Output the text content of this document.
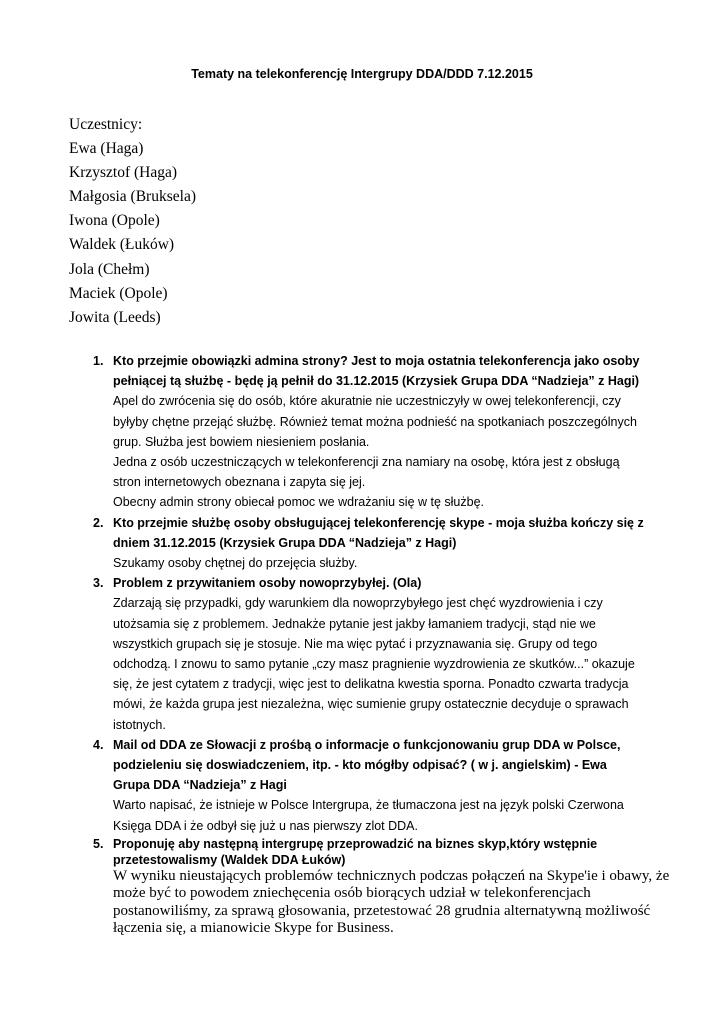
Tematy na telekonferencję Intergrupy DDA/DDD 7.12.2015
Uczestnicy:
Ewa (Haga)
Krzysztof (Haga)
Małgosia (Bruksela)
Iwona (Opole)
Waldek (Łuków)
Jola (Chełm)
Maciek (Opole)
Jowita (Leeds)
1. Kto przejmie obowiązki admina strony? Jest to moja ostatnia telekonferencja jako osoby
pełniącej tą służbę - będę ją pełnił do 31.12.2015 (Krzysiek Grupa DDA “Nadzieja” z Hagi)
Apel do zwrócenia się do osób, które akuratnie nie uczestniczyły w owej telekonferencji, czy
byłyby chętne przejąć służbę. Również temat można podnieść na spotkaniach poszczególnych
grup. Służba jest bowiem niesieniem posłania.
Jedna z osób uczestniczących w telekonferencji zna namiary na osobę, która jest z obsługą
stron internetowych obeznana i zapyta się jej.
Obecny admin strony obiecał pomoc we wdrażaniu się w tę służbę.
2. Kto przejmie służbę osoby obsługującej telekonferencję skype - moja służba kończy się z
dniem 31.12.2015 (Krzysiek Grupa DDA “Nadzieja” z Hagi)
Szukamy osoby chętnej do przejęcia służby.
3. Problem z przywitaniem osoby nowoprzybyłej. (Ola)
Zdarzają się przypadki, gdy warunkiem dla nowoprzybyłego jest chęć wyzdrowienia i czy
utożsamia się z problemem. Jednakże pytanie jest jakby łamaniem tradycji, stąd nie we
wszystkich grupach się je stosuje. Nie ma więc pytać i przyznawania się. Grupy od tego
odchodzą. I znowu to samo pytanie „czy masz pragnienie wyzdrowienia ze skutków...” okazuje
się, że jest cytatem z tradycji, więc jest to delikatna kwestia sporna. Ponadto czwarta tradycja
mówi, że każda grupa jest niezależna, więc sumienie grupy ostatecznie decyduje o sprawach
istotnych.
4. Mail od DDA ze Słowacji z prośbą o informacje o funkcjonowaniu grup DDA w Polsce,
podzieleniu się doswiadczeniem, itp. - kto mógłby odpisać? ( w j. angielskim) - Ewa
Grupa DDA “Nadzieja” z Hagi
Warto napisać, że istnieje w Polsce Intergrupa, że tłumaczona jest na język polski Czerwona
Księga DDA i że odbył się już u nas pierwszy zlot DDA.
5. Proponuję aby następną intergrupę przeprowadzić na biznes skyp,który wstępnie
przetestowalismy (Waldek DDA Łuków)
W wyniku nieustających problemów technicznych podczas połączeń na Skype'ie i obawy, że
może być to powodem zniechęcenia osób biorących udział w telekonferencjach
postanowiliśmy, za sprawą głosowania, przetestować 28 grudnia alternatywną możliwość
łączenia się, a mianowicie Skype for Business.
